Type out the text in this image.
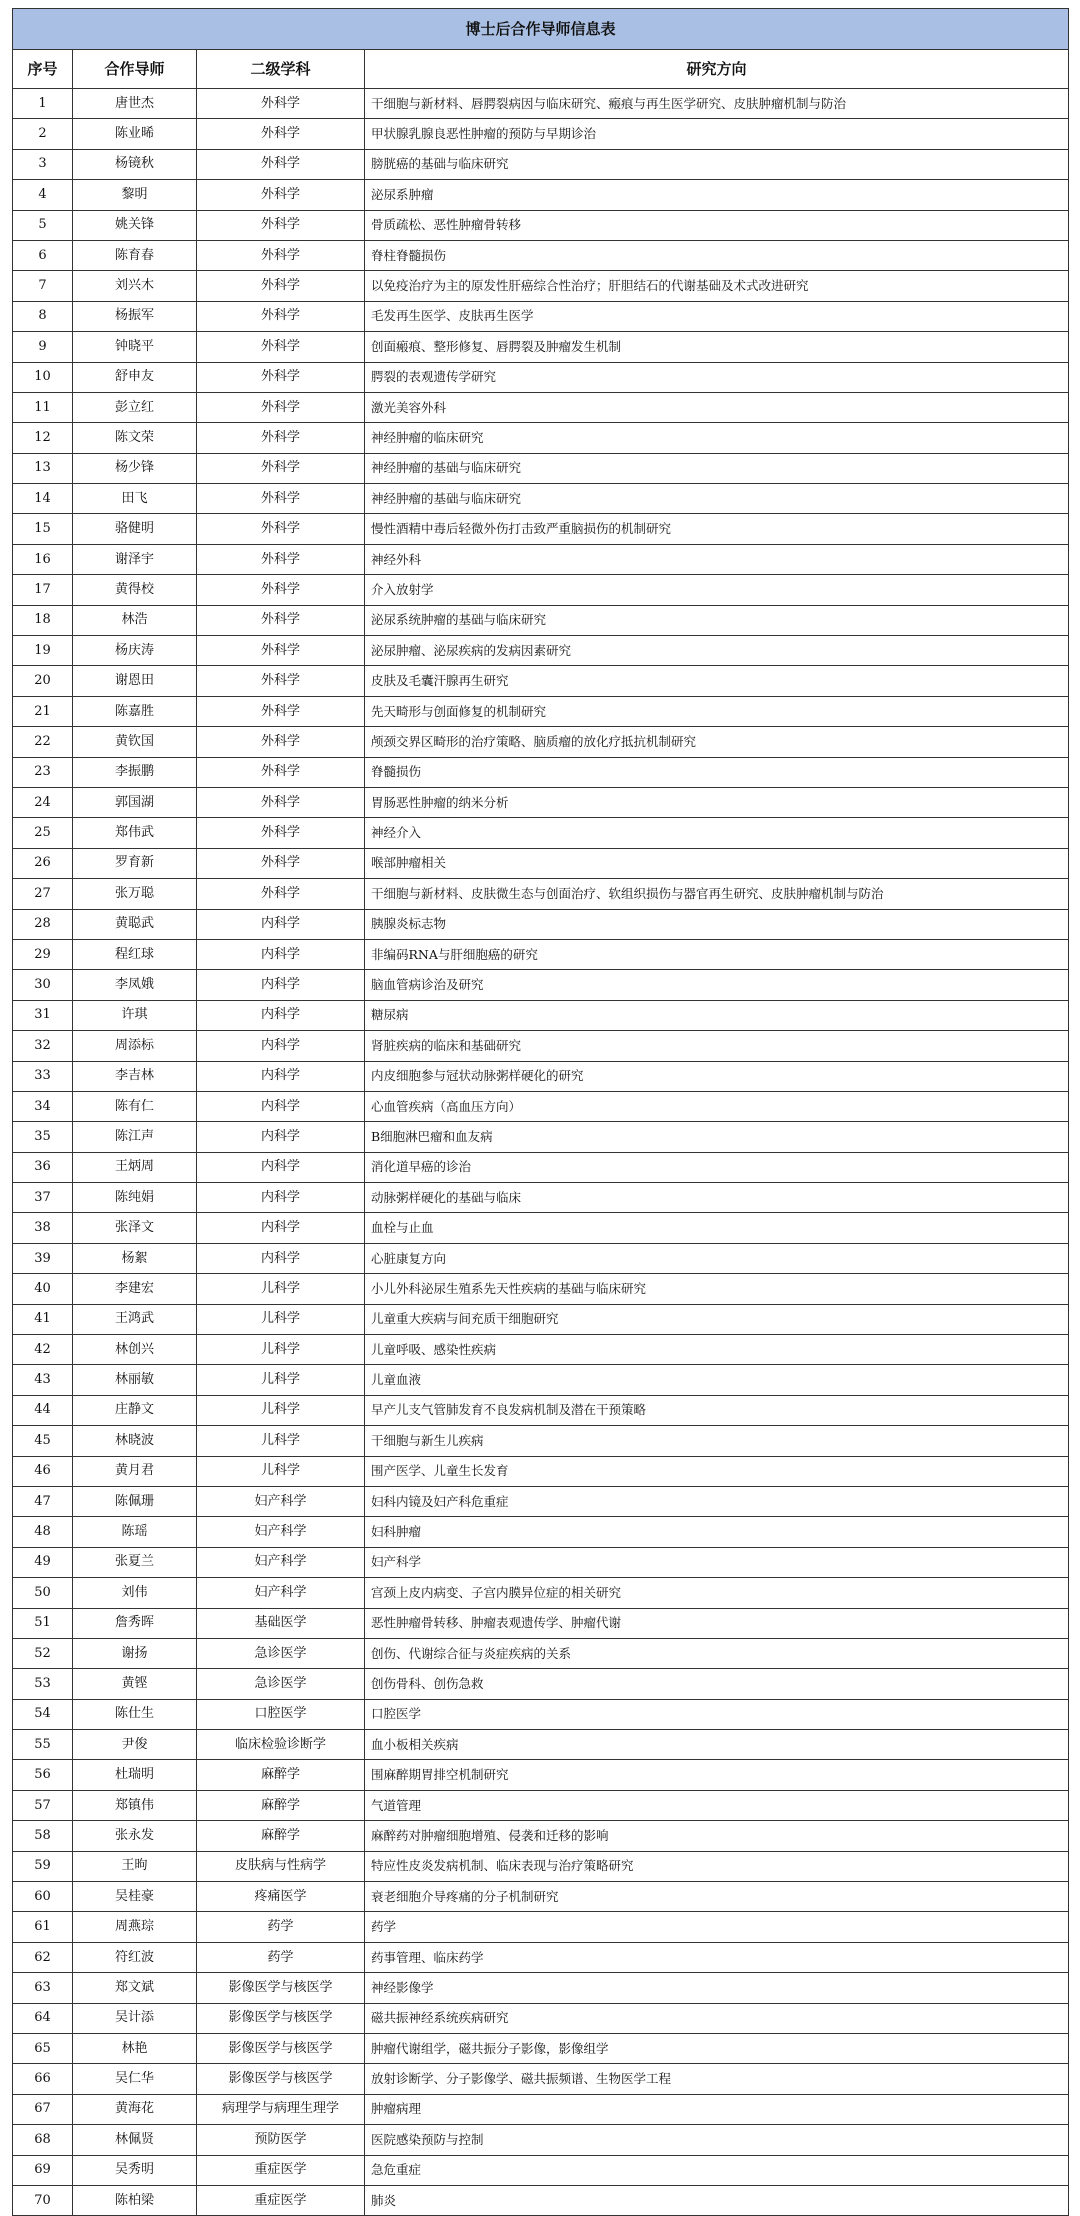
博士后合作导师信息表			
序号	合作导师	二级学科	研究方向
1	唐世杰	外科学	干细胞与新材料、唇腭裂病因与临床研究、瘢痕与再生医学研究、皮肤肿瘤机制与防治
2	陈业晞	外科学	甲状腺乳腺良恶性肿瘤的预防与早期诊治
3	杨镜秋	外科学	膀胱癌的基础与临床研究
4	黎明	外科学	泌尿系肿瘤
5	姚关锋	外科学	骨质疏松、恶性肿瘤骨转移
6	陈育春	外科学	脊柱脊髓损伤
7	刘兴木	外科学	以免疫治疗为主的原发性肝癌综合性治疗；肝胆结石的代谢基础及术式改进研究
8	杨振军	外科学	毛发再生医学、皮肤再生医学
9	钟晓平	外科学	创面瘢痕、整形修复、唇腭裂及肿瘤发生机制
10	舒申友	外科学	腭裂的表观遗传学研究
11	彭立红	外科学	激光美容外科
12	陈文荣	外科学	神经肿瘤的临床研究
13	杨少锋	外科学	神经肿瘤的基础与临床研究
14	田飞	外科学	神经肿瘤的基础与临床研究
15	骆健明	外科学	慢性酒精中毒后轻微外伤打击致严重脑损伤的机制研究
16	谢泽宇	外科学	神经外科
17	黄得校	外科学	介入放射学
18	林浩	外科学	泌尿系统肿瘤的基础与临床研究
19	杨庆涛	外科学	泌尿肿瘤、泌尿疾病的发病因素研究
20	谢恩田	外科学	皮肤及毛囊汗腺再生研究
21	陈嘉胜	外科学	先天畸形与创面修复的机制研究
22	黄钦国	外科学	颅颈交界区畸形的治疗策略、脑质瘤的放化疗抵抗机制研究
23	李振鹏	外科学	脊髓损伤
24	郭国湖	外科学	胃肠恶性肿瘤的纳米分析
25	郑伟武	外科学	神经介入
26	罗育新	外科学	喉部肿瘤相关
27	张万聪	外科学	干细胞与新材料、皮肤微生态与创面治疗、软组织损伤与器官再生研究、皮肤肿瘤机制与防治
28	黄聪武	内科学	胰腺炎标志物
29	程红球	内科学	非编码RNA与肝细胞癌的研究
30	李凤娥	内科学	脑血管病诊治及研究
31	许琪	内科学	糖尿病
32	周添标	内科学	肾脏疾病的临床和基础研究
33	李吉林	内科学	内皮细胞参与冠状动脉粥样硬化的研究
34	陈有仁	内科学	心血管疾病（高血压方向）
35	陈江声	内科学	B细胞淋巴瘤和血友病
36	王炳周	内科学	消化道早癌的诊治
37	陈纯娟	内科学	动脉粥样硬化的基础与临床
38	张泽文	内科学	血栓与止血
39	杨絮	内科学	心脏康复方向
40	李建宏	儿科学	小儿外科泌尿生殖系先天性疾病的基础与临床研究
41	王鸿武	儿科学	儿童重大疾病与间充质干细胞研究
42	林创兴	儿科学	儿童呼吸、感染性疾病
43	林丽敏	儿科学	儿童血液
44	庄静文	儿科学	早产儿支气管肺发育不良发病机制及潜在干预策略
45	林晓波	儿科学	干细胞与新生儿疾病
46	黄月君	儿科学	围产医学、儿童生长发育
47	陈佩珊	妇产科学	妇科内镜及妇产科危重症
48	陈瑶	妇产科学	妇科肿瘤
49	张夏兰	妇产科学	妇产科学
50	刘伟	妇产科学	宫颈上皮内病变、子宫内膜异位症的相关研究
51	詹秀晖	基础医学	恶性肿瘤骨转移、肿瘤表观遗传学、肿瘤代谢
52	谢扬	急诊医学	创伤、代谢综合征与炎症疾病的关系
53	黄铿	急诊医学	创伤骨科、创伤急救
54	陈仕生	口腔医学	口腔医学
55	尹俊	临床检验诊断学	血小板相关疾病
56	杜瑞明	麻醉学	围麻醉期胃排空机制研究
57	郑镇伟	麻醉学	气道管理
58	张永发	麻醉学	麻醉药对肿瘤细胞增殖、侵袭和迁移的影响
59	王昫	皮肤病与性病学	特应性皮炎发病机制、临床表现与治疗策略研究
60	吴桂豪	疼痛医学	衰老细胞介导疼痛的分子机制研究
61	周燕琮	药学	药学
62	符红波	药学	药事管理、临床药学
63	郑文斌	影像医学与核医学	神经影像学
64	吴计添	影像医学与核医学	磁共振神经系统疾病研究
65	林艳	影像医学与核医学	肿瘤代谢组学，磁共振分子影像，影像组学
66	吴仁华	影像医学与核医学	放射诊断学、分子影像学、磁共振频谱、生物医学工程
67	黄海花	病理学与病理生理学	肿瘤病理
68	林佩贤	预防医学	医院感染预防与控制
69	吴秀明	重症医学	急危重症
70	陈柏梁	重症医学	肺炎
